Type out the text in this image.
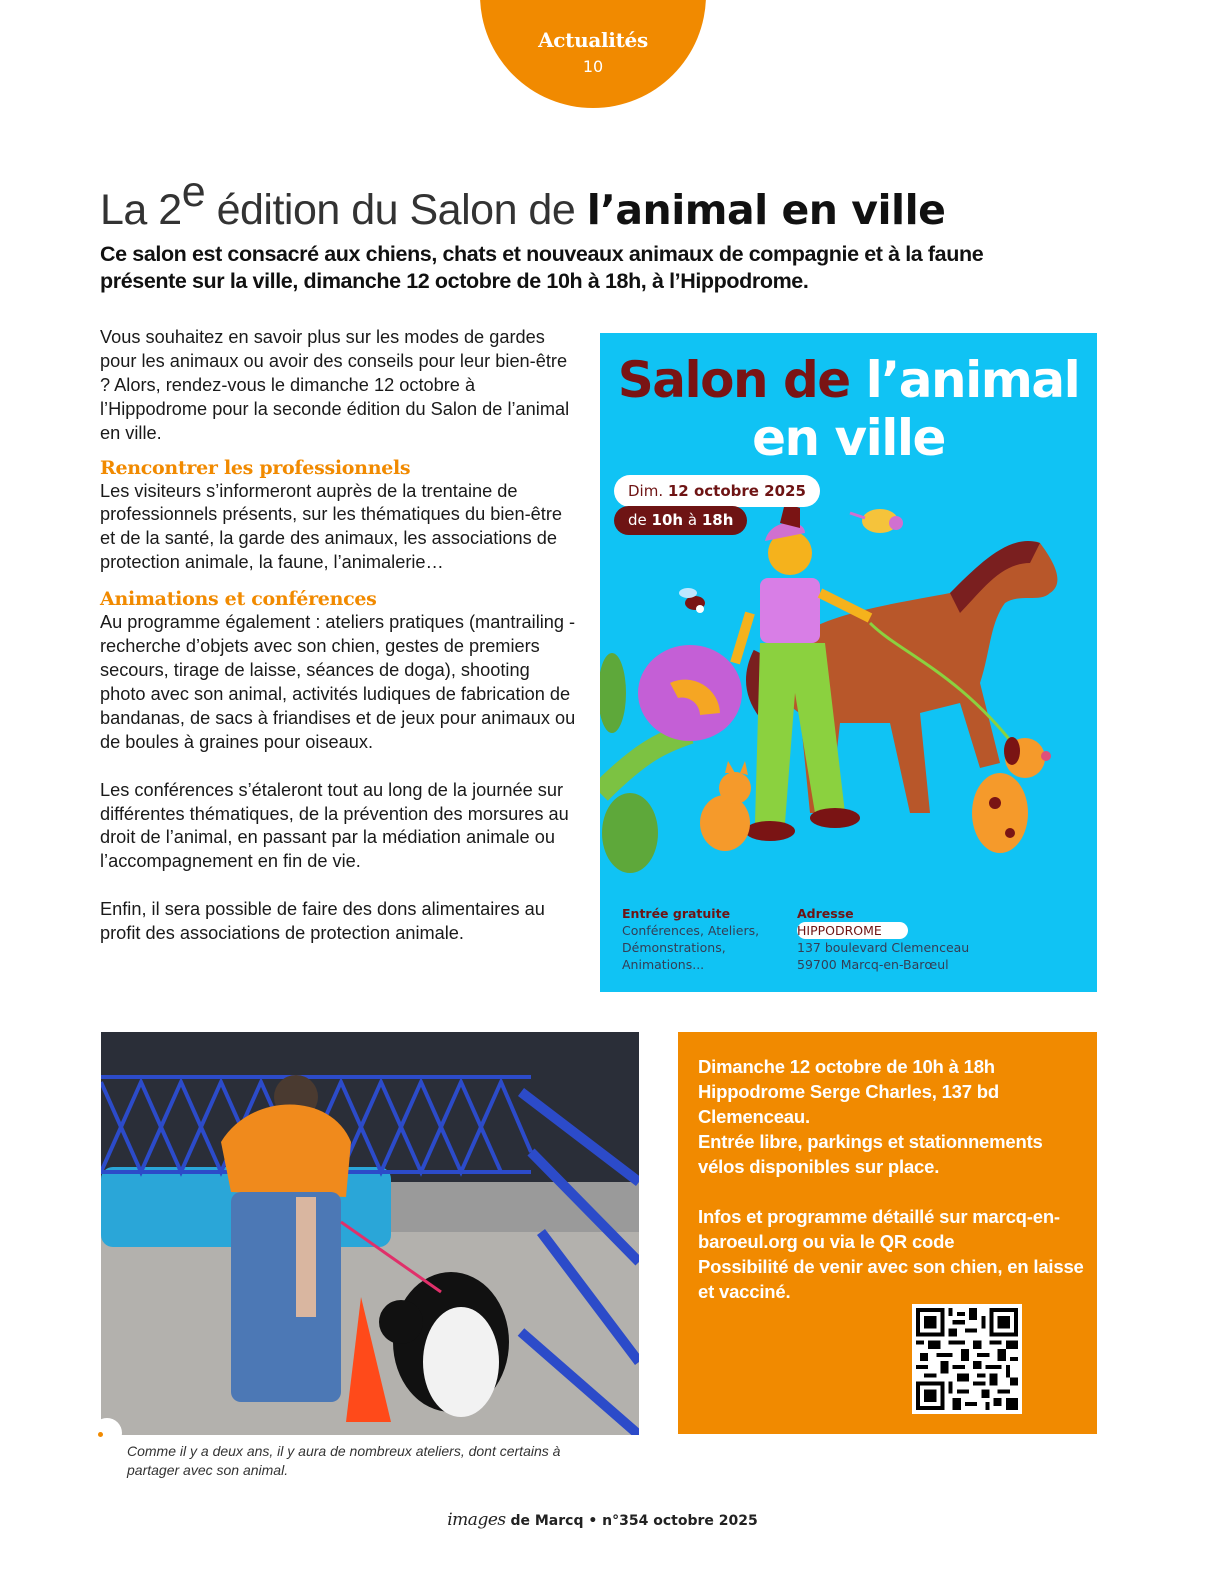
Actualités
10
La 2e édition du Salon de l’animal en ville

Ce salon est consacré aux chiens, chats et nouveaux animaux de compagnie et à la faune présente sur la ville, dimanche 12 octobre de 10h à 18h, à l’Hippodrome.

Vous souhaitez en savoir plus sur les modes de gardes pour les animaux ou avoir des conseils pour leur bien-être ? Alors, rendez-vous le dimanche 12 octobre à l’Hippodrome pour la seconde édition du Salon de l’animal en ville.

Rencontrer les professionnels

Les visiteurs s’informeront auprès de la trentaine de professionnels présents, sur les thématiques du bien-être et de la santé, la garde des animaux, les associations de protection animale, la faune, l’animalerie…

Animations et conférences

Au programme également : ateliers pratiques (mantrailing - recherche d’objets avec son chien, gestes de premiers secours, tirage de laisse, séances de doga), shooting photo avec son animal, activités ludiques de fabrication de bandanas, de sacs à friandises et de jeux pour animaux ou de boules à graines pour oiseaux.

Les conférences s’étaleront tout au long de la journée sur différentes thématiques, de la prévention des morsures au droit de l’animal, en passant par la médiation animale ou l’accompagnement en fin de vie.

Enfin, il sera possible de faire des dons alimentaires au profit des associations de protection animale.

Salon de l’animal
en ville
Dim. 12 octobre 2025
de 10h à 18h
Entrée gratuite
Conférences, Ateliers,
Démonstrations,
Animations...
Adresse
HIPPODROME
137 boulevard Clemenceau
59700 Marcq-en-Barœul

Comme il y a deux ans, il y aura de nombreux ateliers, dont certains à partager avec son animal.

Dimanche 12 octobre de 10h à 18h
Hippodrome Serge Charles, 137 bd Clemenceau.
Entrée libre, parkings et stationnements vélos disponibles sur place.

Infos et programme détaillé sur marcq-en-baroeul.org ou via le QR code
Possibilité de venir avec son chien, en laisse et vacciné.

images de Marcq • n°354 octobre 2025
